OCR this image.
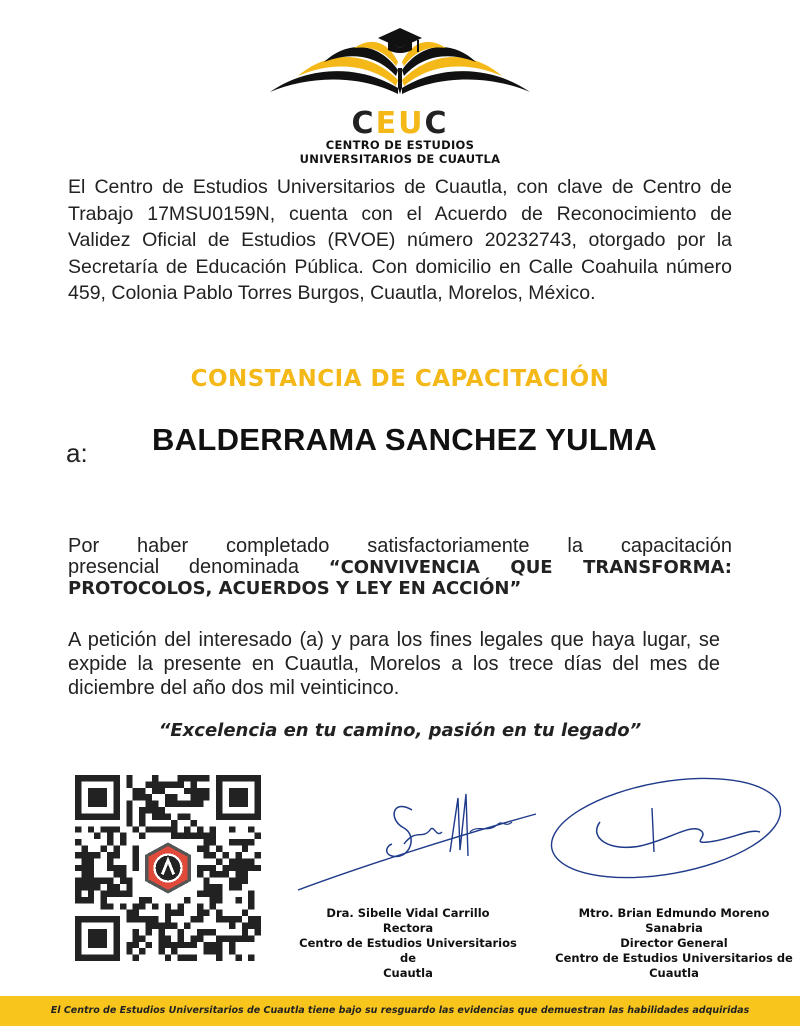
CEUC
CENTRO DE ESTUDIOS
UNIVERSITARIOS DE CUAUTLA
El Centro de Estudios Universitarios de Cuautla, con clave de Centro de Trabajo 17MSU0159N, cuenta con el Acuerdo de Reconocimiento de Validez Oficial de Estudios (RVOE) número 20232743, otorgado por la Secretaría de Educación Pública. Con domicilio en Calle Coahuila número 459, Colonia Pablo Torres Burgos, Cuautla, Morelos, México.
CONSTANCIA DE CAPACITACIÓN
a: BALDERRAMA SANCHEZ YULMA
Por haber completado satisfactoriamente la capacitación
presencial denominada “CONVIVENCIA QUE TRANSFORMA:
PROTOCOLOS, ACUERDOS Y LEY EN ACCIÓN”
A petición del interesado (a) y para los fines legales que haya lugar, se expide la presente en Cuautla, Morelos a los trece días del mes de diciembre del año dos mil veinticinco.
“Excelencia en tu camino, pasión en tu legado”
Dra. Sibelle Vidal Carrillo
Rectora
Centro de Estudios Universitarios de
Cuautla
Mtro. Brian Edmundo Moreno Sanabria
Director General
Centro de Estudios Universitarios de
Cuautla
El Centro de Estudios Universitarios de Cuautla tiene bajo su resguardo las evidencias que demuestran las habilidades adquiridas
